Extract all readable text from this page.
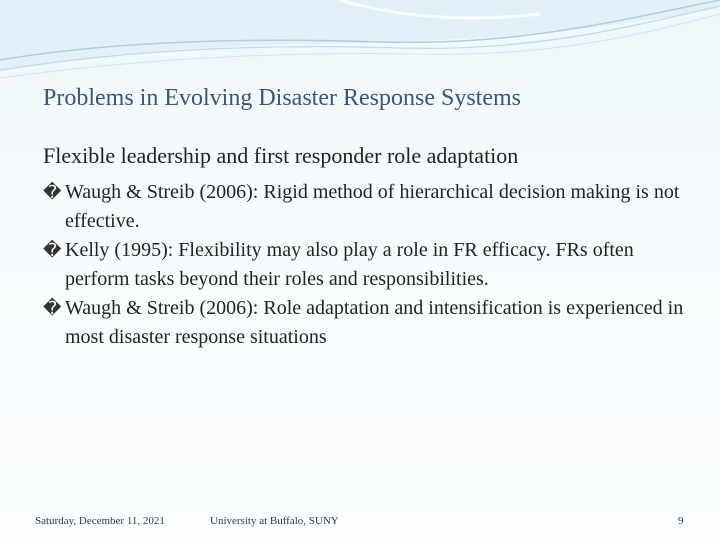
Problems in Evolving Disaster Response Systems
Flexible leadership and first responder role adaptation
� Waugh & Streib (2006): Rigid method of hierarchical decision making is not effective.
� Kelly (1995): Flexibility may also play a role in FR efficacy. FRs often perform tasks beyond their roles and responsibilities.
� Waugh & Streib (2006): Role adaptation and intensification is experienced in most disaster response situations
Saturday, December 11, 2021	University at Buffalo, SUNY	9
